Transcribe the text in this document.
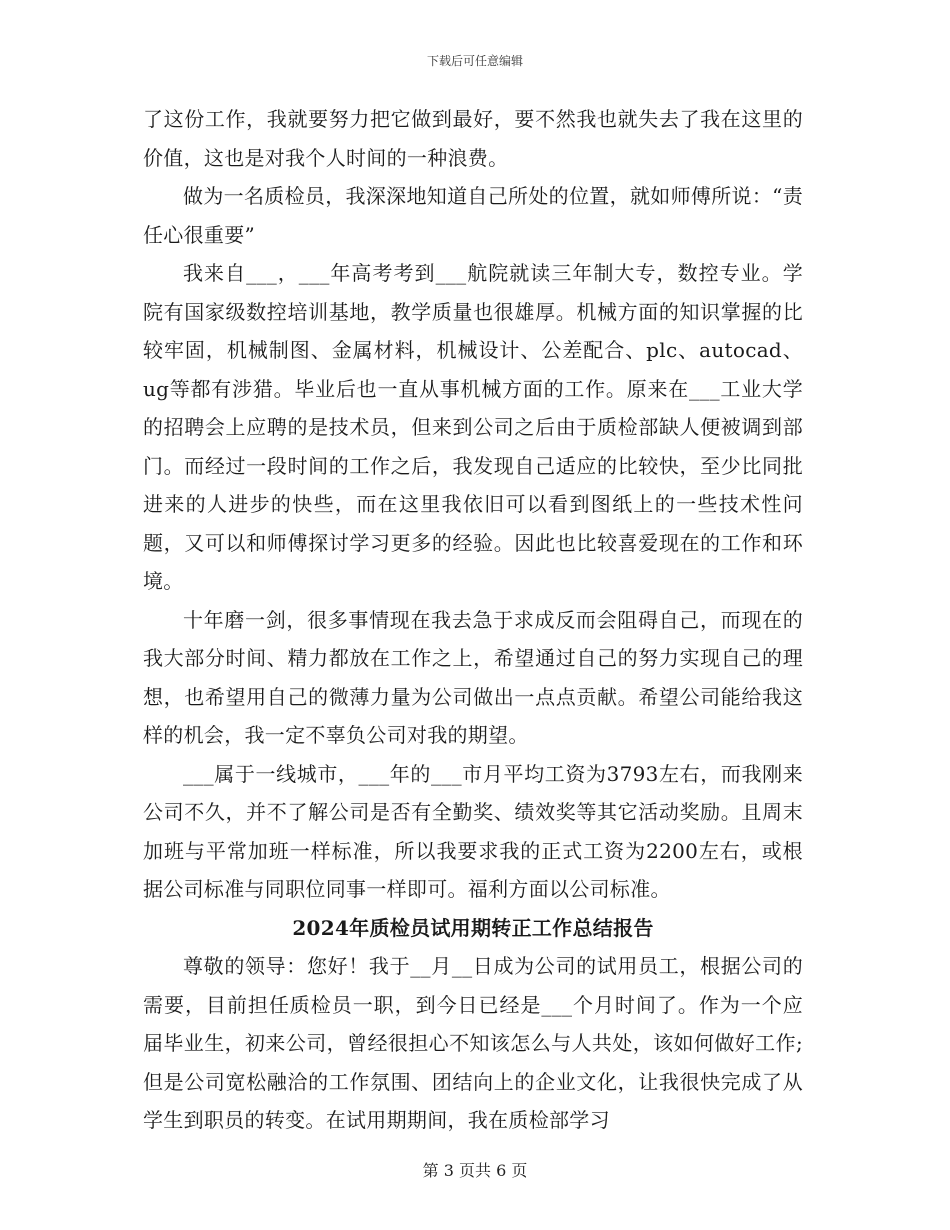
下载后可任意编辑

了这份工作，我就要努力把它做到最好，要不然我也就失去了我在这里的价值，这也是对我个人时间的一种浪费。

做为一名质检员，我深深地知道自己所处的位置，就如师傅所说：“责任心很重要”

我来自___，___年高考考到___航院就读三年制大专，数控专业。学院有国家级数控培训基地，教学质量也很雄厚。机械方面的知识掌握的比较牢固，机械制图、金属材料，机械设计、公差配合、plc、autocad、ug等都有涉猎。毕业后也一直从事机械方面的工作。原来在___工业大学的招聘会上应聘的是技术员，但来到公司之后由于质检部缺人便被调到部门。而经过一段时间的工作之后，我发现自己适应的比较快，至少比同批进来的人进步的快些，而在这里我依旧可以看到图纸上的一些技术性问题，又可以和师傅探讨学习更多的经验。因此也比较喜爱现在的工作和环境。

十年磨一剑，很多事情现在我去急于求成反而会阻碍自己，而现在的我大部分时间、精力都放在工作之上，希望通过自己的努力实现自己的理想，也希望用自己的微薄力量为公司做出一点点贡献。希望公司能给我这样的机会，我一定不辜负公司对我的期望。

___属于一线城市，___年的___市月平均工资为3793左右，而我刚来公司不久，并不了解公司是否有全勤奖、绩效奖等其它活动奖励。且周末加班与平常加班一样标准，所以我要求我的正式工资为2200左右，或根据公司标准与同职位同事一样即可。福利方面以公司标准。

2024年质检员试用期转正工作总结报告

尊敬的领导：您好！我于__月__日成为公司的试用员工，根据公司的需要，目前担任质检员一职，到今日已经是___个月时间了。作为一个应届毕业生，初来公司，曾经很担心不知该怎么与人共处，该如何做好工作;但是公司宽松融洽的工作氛围、团结向上的企业文化，让我很快完成了从学生到职员的转变。在试用期期间，我在质检部学习

第 3 页共 6 页
